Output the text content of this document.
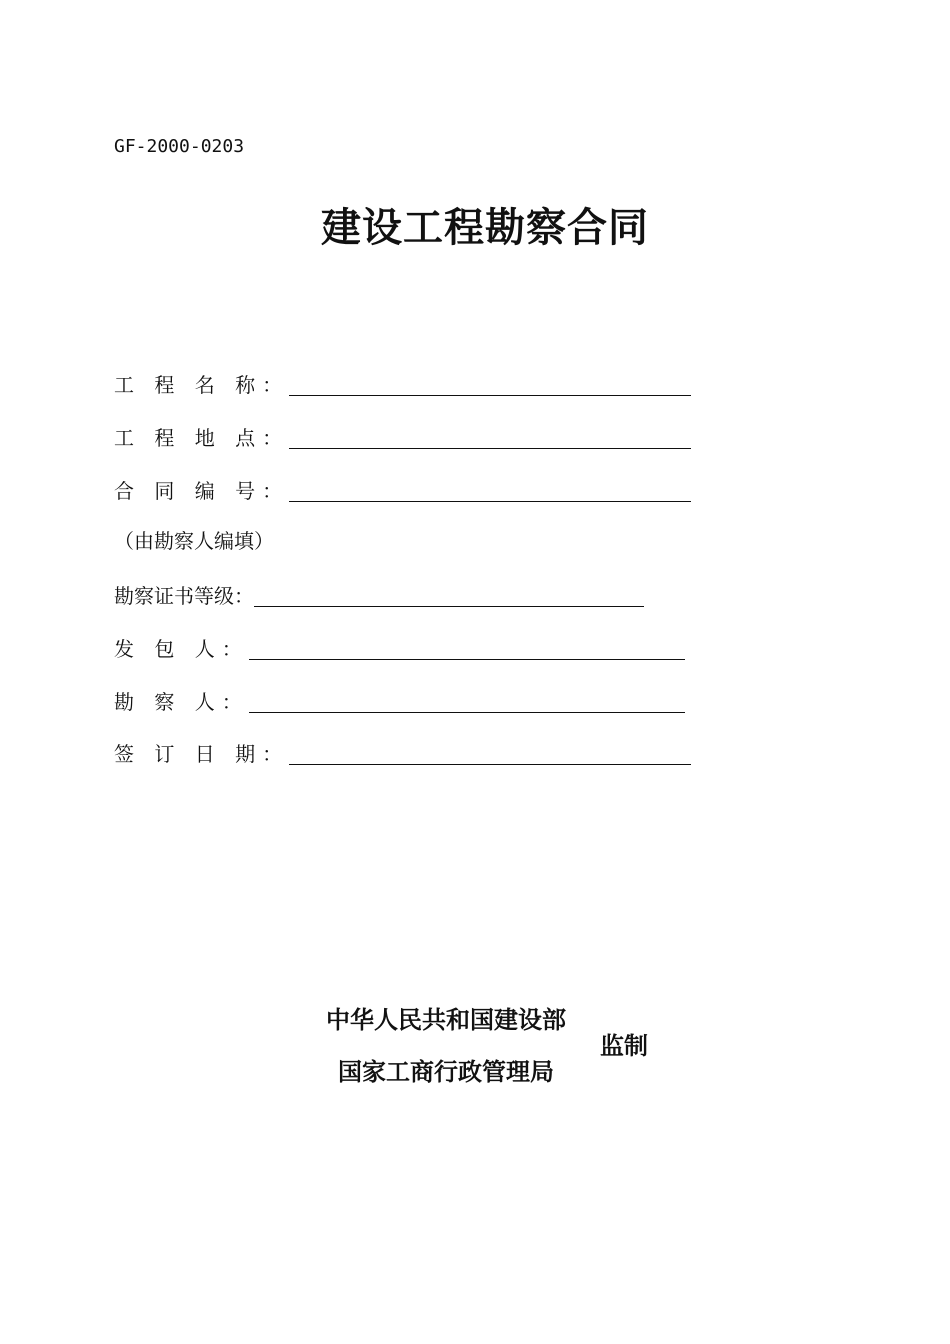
GF-2000-0203
建设工程勘察合同
工 程 名 称：
工 程 地 点：
合 同 编 号：
（由勘察人编填）
勘察证书等级：
发 包 人：
勘 察 人：
签 订 日 期：
中华人民共和国建设部
国家工商行政管理局
监制
